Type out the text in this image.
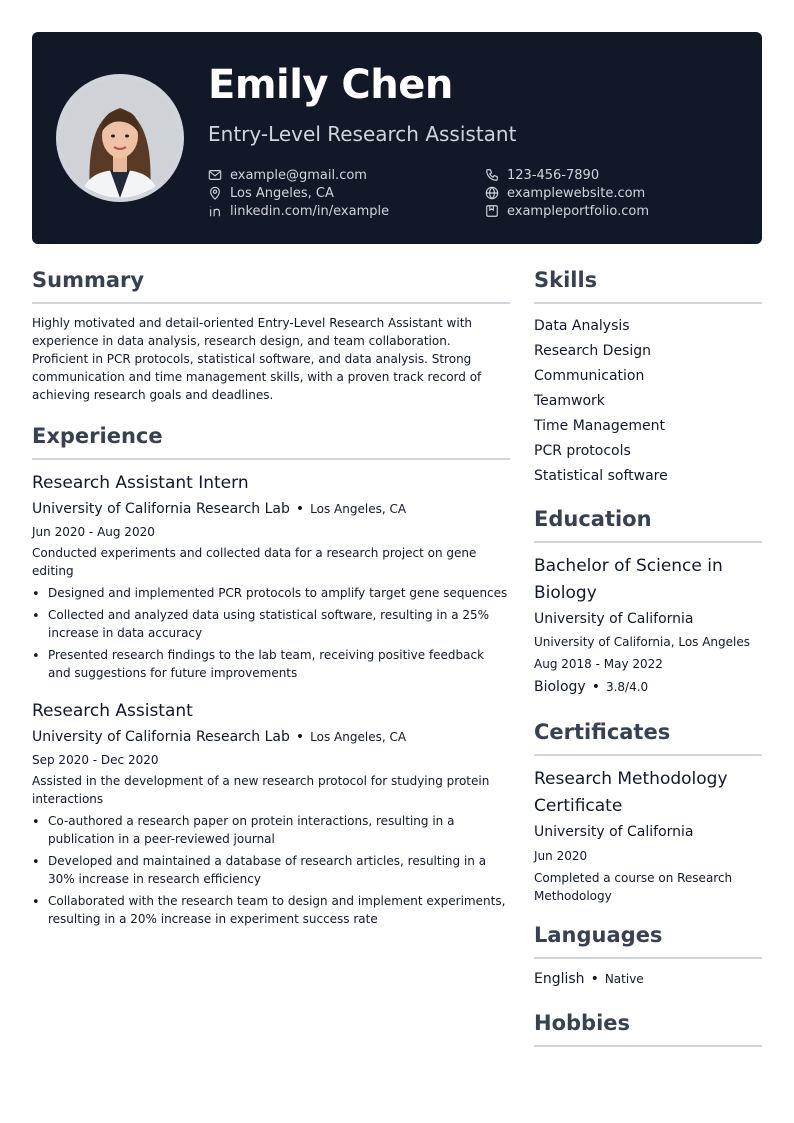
Emily Chen
Entry-Level Research Assistant
example@gmail.com	123-456-7890
Los Angeles, CA	examplewebsite.com
linkedin.com/in/example	exampleportfolio.com
Summary

Highly motivated and detail-oriented Entry-Level Research Assistant with experience in data analysis, research design, and team collaboration. Proficient in PCR protocols, statistical software, and data analysis. Strong communication and time management skills, with a proven track record of achieving research goals and deadlines.

Experience
Research Assistant Intern
University of California Research Lab • Los Angeles, CA
Jun 2020 - Aug 2020
Conducted experiments and collected data for a research project on gene editing
• Designed and implemented PCR protocols to amplify target gene sequences
• Collected and analyzed data using statistical software, resulting in a 25% increase in data accuracy
• Presented research findings to the lab team, receiving positive feedback and suggestions for future improvements
Research Assistant
University of California Research Lab • Los Angeles, CA
Sep 2020 - Dec 2020
Assisted in the development of a new research protocol for studying protein interactions
• Co-authored a research paper on protein interactions, resulting in a publication in a peer-reviewed journal
• Developed and maintained a database of research articles, resulting in a 30% increase in research efficiency
• Collaborated with the research team to design and implement experiments, resulting in a 20% increase in experiment success rate
Skills
Data Analysis
Research Design
Communication
Teamwork
Time Management
PCR protocols
Statistical software
Education
Bachelor of Science in Biology
University of California
University of California, Los Angeles
Aug 2018 - May 2022
Biology • 3.8/4.0
Certificates
Research Methodology Certificate
University of California
Jun 2020
Completed a course on Research Methodology
Languages
English • Native
Hobbies
